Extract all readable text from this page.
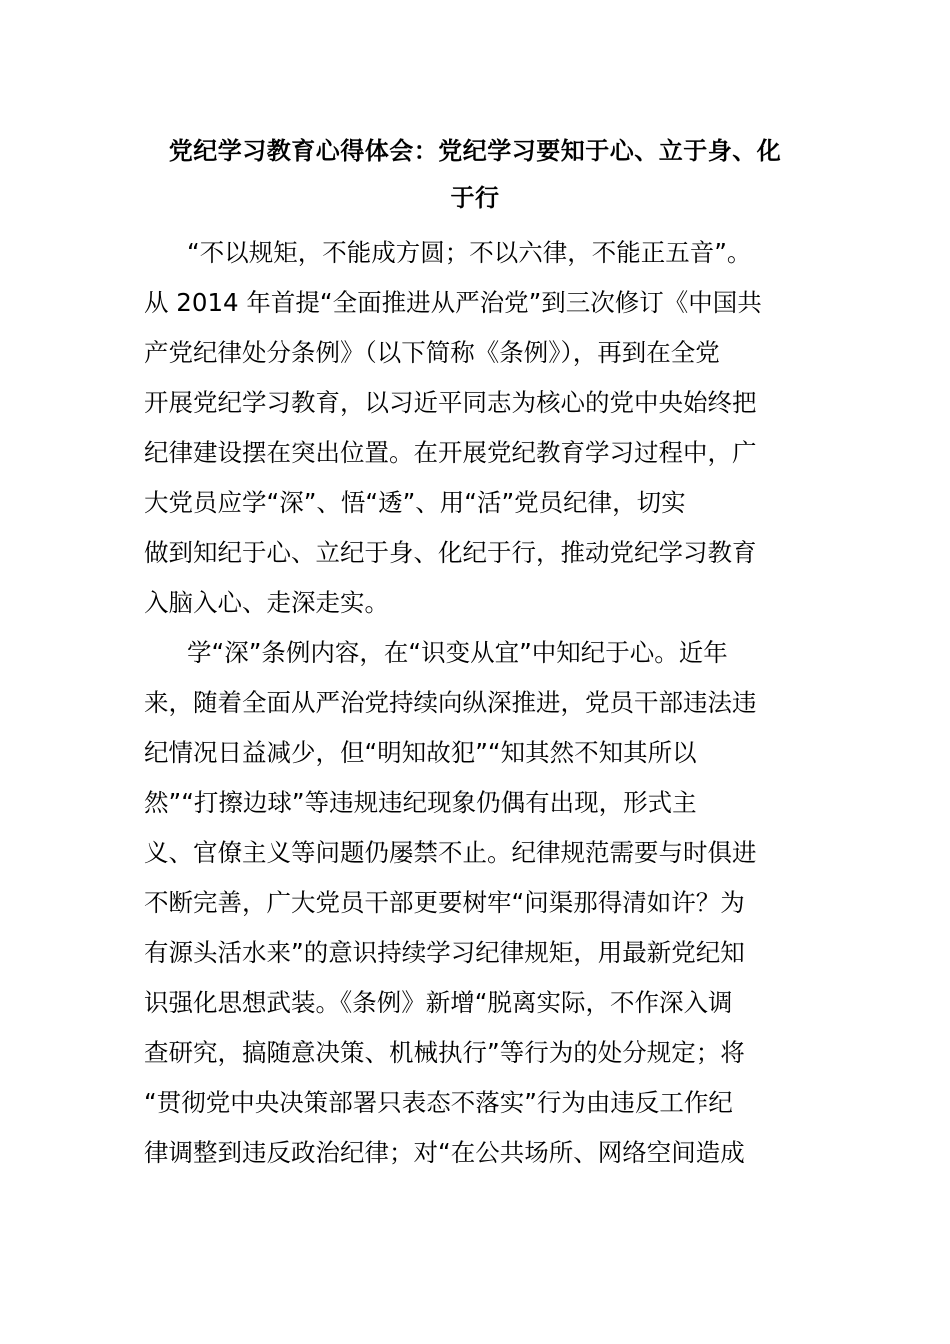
党纪学习教育心得体会：党纪学习要知于心、立于身、化
于行
“不以规矩，不能成方圆；不以六律，不能正五音”。
从 2014 年首提“全面推进从严治党”到三次修订《中国共
产党纪律处分条例》（以下简称《条例》），再到在全党
开展党纪学习教育，以习近平同志为核心的党中央始终把
纪律建设摆在突出位置。在开展党纪教育学习过程中，广
大党员应学“深”、悟“透”、用“活”党员纪律，切实
做到知纪于心、立纪于身、化纪于行，推动党纪学习教育
入脑入心、走深走实。
学“深”条例内容，在“识变从宜”中知纪于心。近年
来，随着全面从严治党持续向纵深推进，党员干部违法违
纪情况日益减少，但“明知故犯”“知其然不知其所以
然”“打擦边球”等违规违纪现象仍偶有出现，形式主
义、官僚主义等问题仍屡禁不止。纪律规范需要与时俱进
不断完善，广大党员干部更要树牢“问渠那得清如许？为
有源头活水来”的意识持续学习纪律规矩，用最新党纪知
识强化思想武装。《条例》新增“脱离实际，不作深入调
查研究，搞随意决策、机械执行”等行为的处分规定；将
“贯彻党中央决策部署只表态不落实”行为由违反工作纪
律调整到违反政治纪律；对“在公共场所、网络空间造成
